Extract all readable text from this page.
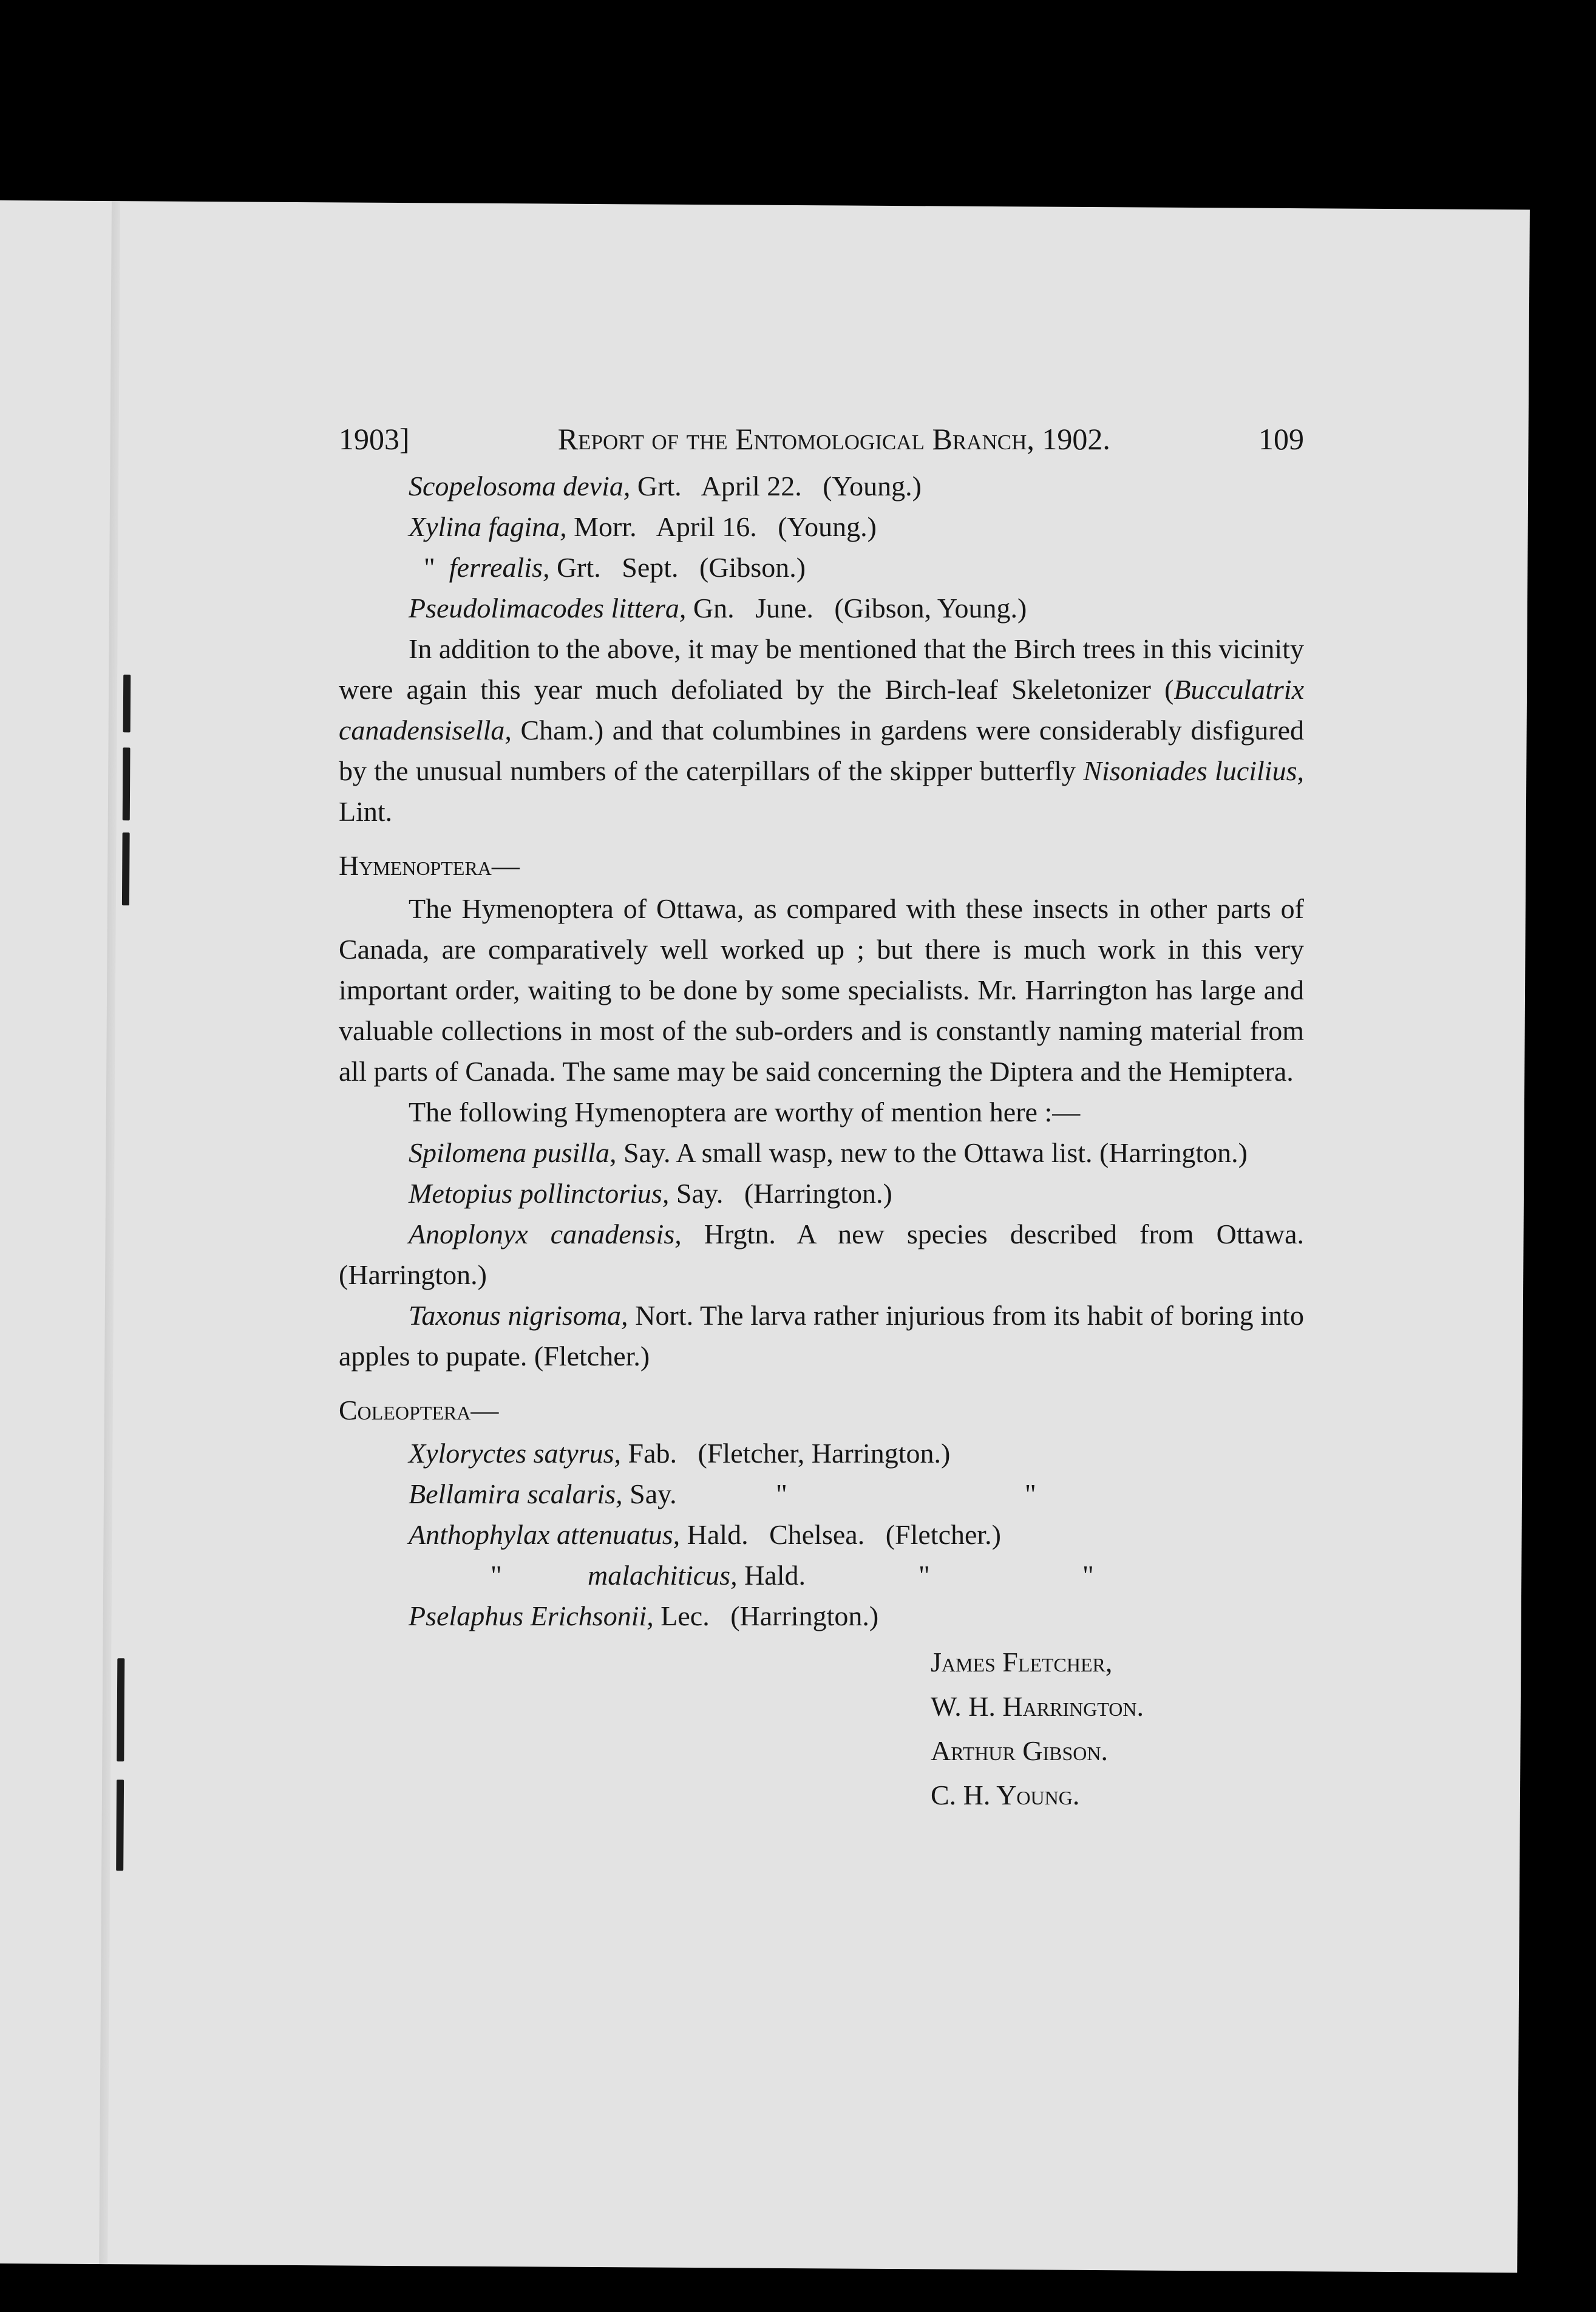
1903]	Report of the Entomological Branch, 1902.	109
Scopelosoma devia, Grt.   April 22.   (Young.)
Xylina fagina, Morr.   April 16.   (Young.)
"  ferrealis, Grt.   Sept.   (Gibson.)
Pseudolimacodes littera, Gn.   June.   (Gibson, Young.)

In addition to the above, it may be mentioned that the Birch trees in this vicinity were again this year much defoliated by the Birch-leaf Skeletonizer (Bucculatrix canadensisella, Cham.) and that columbines in gardens were considerably disfigured by the unusual numbers of the caterpillars of the skipper butterfly Nisoniades lucilius, Lint.

Hymenoptera—

The Hymenoptera of Ottawa, as compared with these insects in other parts of Canada, are comparatively well worked up ; but there is much work in this very important order, waiting to be done by some specialists. Mr. Harrington has large and valuable collections in most of the sub-orders and is constantly naming material from all parts of Canada. The same may be said concerning the Diptera and the Hemiptera.

The following Hymenoptera are worthy of mention here :—

Spilomena pusilla, Say. A small wasp, new to the Ottawa list. (Harrington.)

Metopius pollinctorius, Say.   (Harrington.)

Anoplonyx canadensis, Hrgtn. A new species described from Ottawa. (Harrington.)

Taxonus nigrisoma, Nort. The larva rather injurious from its habit of boring into apples to pupate. (Fletcher.)

Coleoptera—
Xyloryctes satyrus, Fab.   (Fletcher, Harrington.)
Bellamira scalaris, Say.	"	"
Anthophylax attenuatus, Hald.   Chelsea.   (Fletcher.)
"	malachiticus, Hald.	"	"
Pselaphus Erichsonii, Lec.   (Harrington.)
James Fletcher,
W. H. Harrington.
Arthur Gibson.
C. H. Young.
